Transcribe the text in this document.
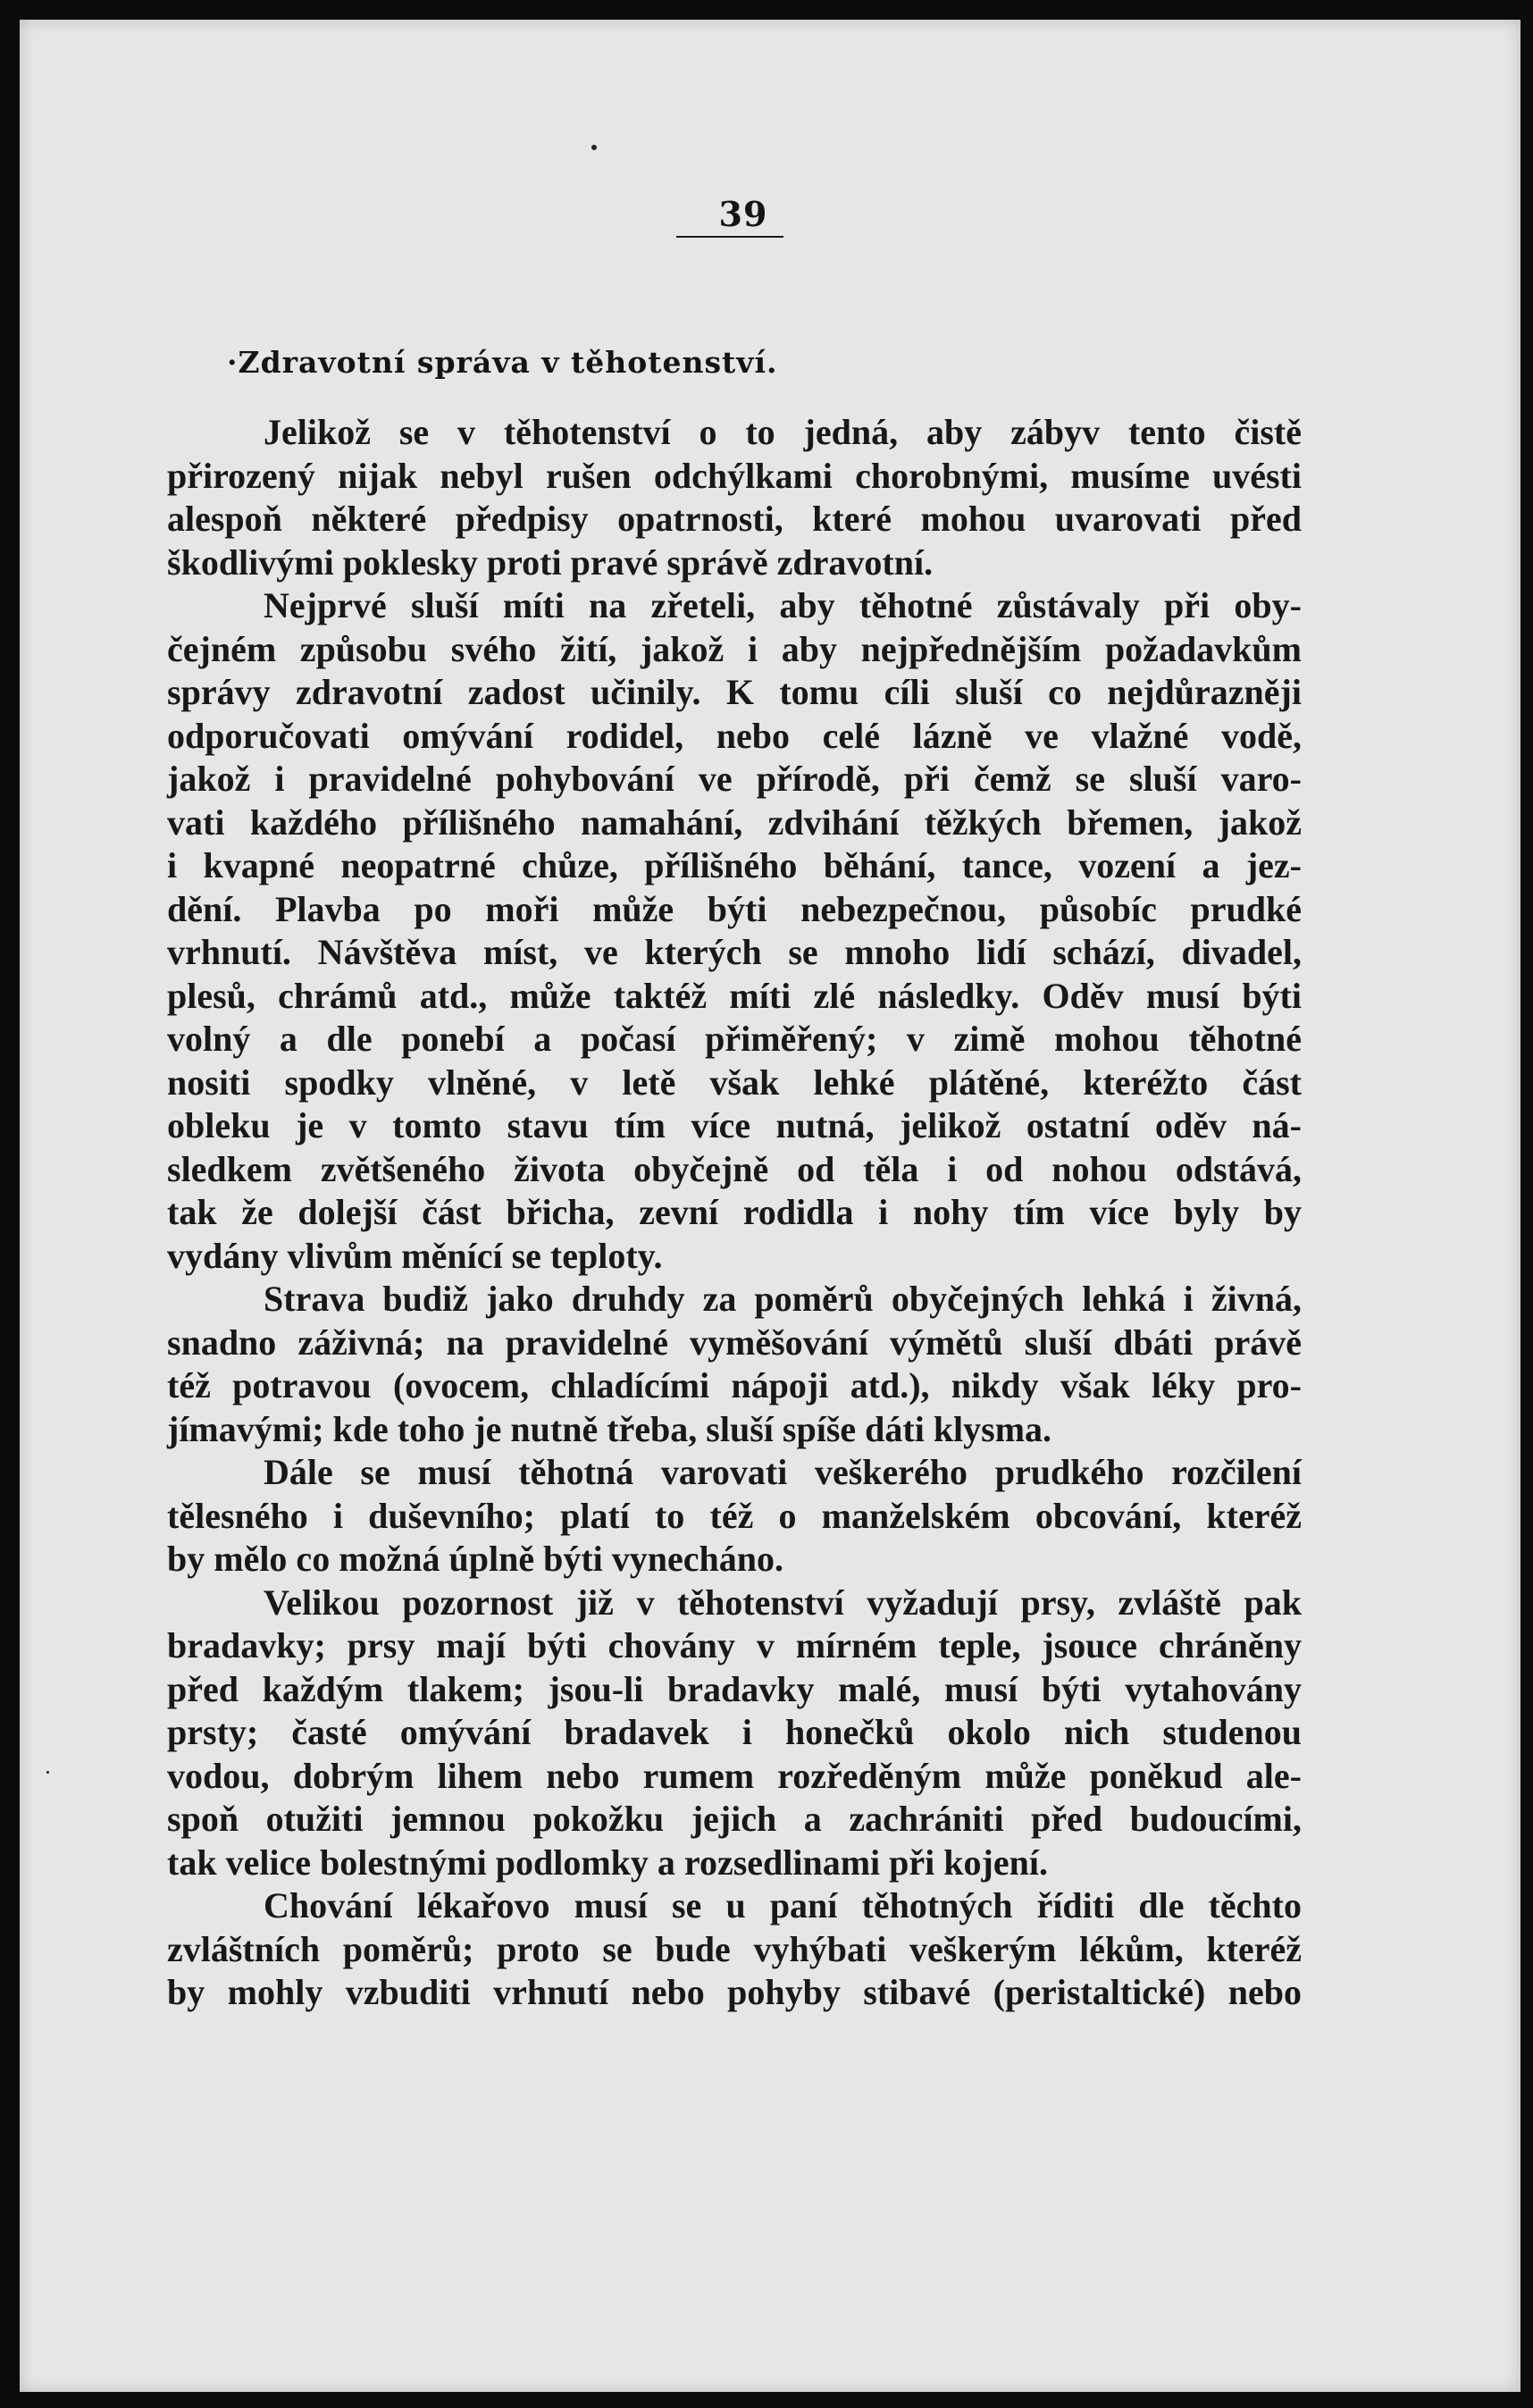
39
·Zdravotní správa v těhotenství.
Jelikož se v těhotenství o to jedná, aby zábyv tento čistě
přirozený nijak nebyl rušen odchýlkami chorobnými, musíme uvésti
alespoň některé předpisy opatrnosti, které mohou uvarovati před
škodlivými poklesky proti pravé správě zdravotní.
Nejprvé sluší míti na zřeteli, aby těhotné zůstávaly při oby-
čejném způsobu svého žití, jakož i aby nejpřednějším požadavkům
správy zdravotní zadost učinily. K tomu cíli sluší co nejdůrazněji
odporučovati omývání rodidel, nebo celé lázně ve vlažné vodě,
jakož i pravidelné pohybování ve přírodě, při čemž se sluší varo-
vati každého přílišného namahání, zdvihání těžkých břemen, jakož
i kvapné neopatrné chůze, přílišného běhání, tance, vození a jez-
dění. Plavba po moři může býti nebezpečnou, působíc prudké
vrhnutí. Návštěva míst, ve kterých se mnoho lidí schází, divadel,
plesů, chrámů atd., může taktéž míti zlé následky. Oděv musí býti
volný a dle ponebí a počasí přiměřený; v zimě mohou těhotné
nositi spodky vlněné, v letě však lehké plátěné, kteréžto část
obleku je v tomto stavu tím více nutná, jelikož ostatní oděv ná-
sledkem zvětšeného života obyčejně od těla i od nohou odstává,
tak že dolejší část břicha, zevní rodidla i nohy tím více byly by
vydány vlivům měnící se teploty.
Strava budiž jako druhdy za poměrů obyčejných lehká i živná,
snadno záživná; na pravidelné vyměšování výmětů sluší dbáti právě
též potravou (ovocem, chladícími nápoji atd.), nikdy však léky pro-
jímavými; kde toho je nutně třeba, sluší spíše dáti klysma.
Dále se musí těhotná varovati veškerého prudkého rozčilení
tělesného i duševního; platí to též o manželském obcování, kteréž
by mělo co možná úplně býti vynecháno.
Velikou pozornost již v těhotenství vyžadují prsy, zvláště pak
bradavky; prsy mají býti chovány v mírném teple, jsouce chráněny
před každým tlakem; jsou-li bradavky malé, musí býti vytahovány
prsty; časté omývání bradavek i honečků okolo nich studenou
vodou, dobrým lihem nebo rumem rozředěným může poněkud ale-
spoň otužiti jemnou pokožku jejich a zachrániti před budoucími,
tak velice bolestnými podlomky a rozsedlinami při kojení.
Chování lékařovo musí se u paní těhotných říditi dle těchto
zvláštních poměrů; proto se bude vyhýbati veškerým lékům, kteréž
by mohly vzbuditi vrhnutí nebo pohyby stibavé (peristaltické) nebo
